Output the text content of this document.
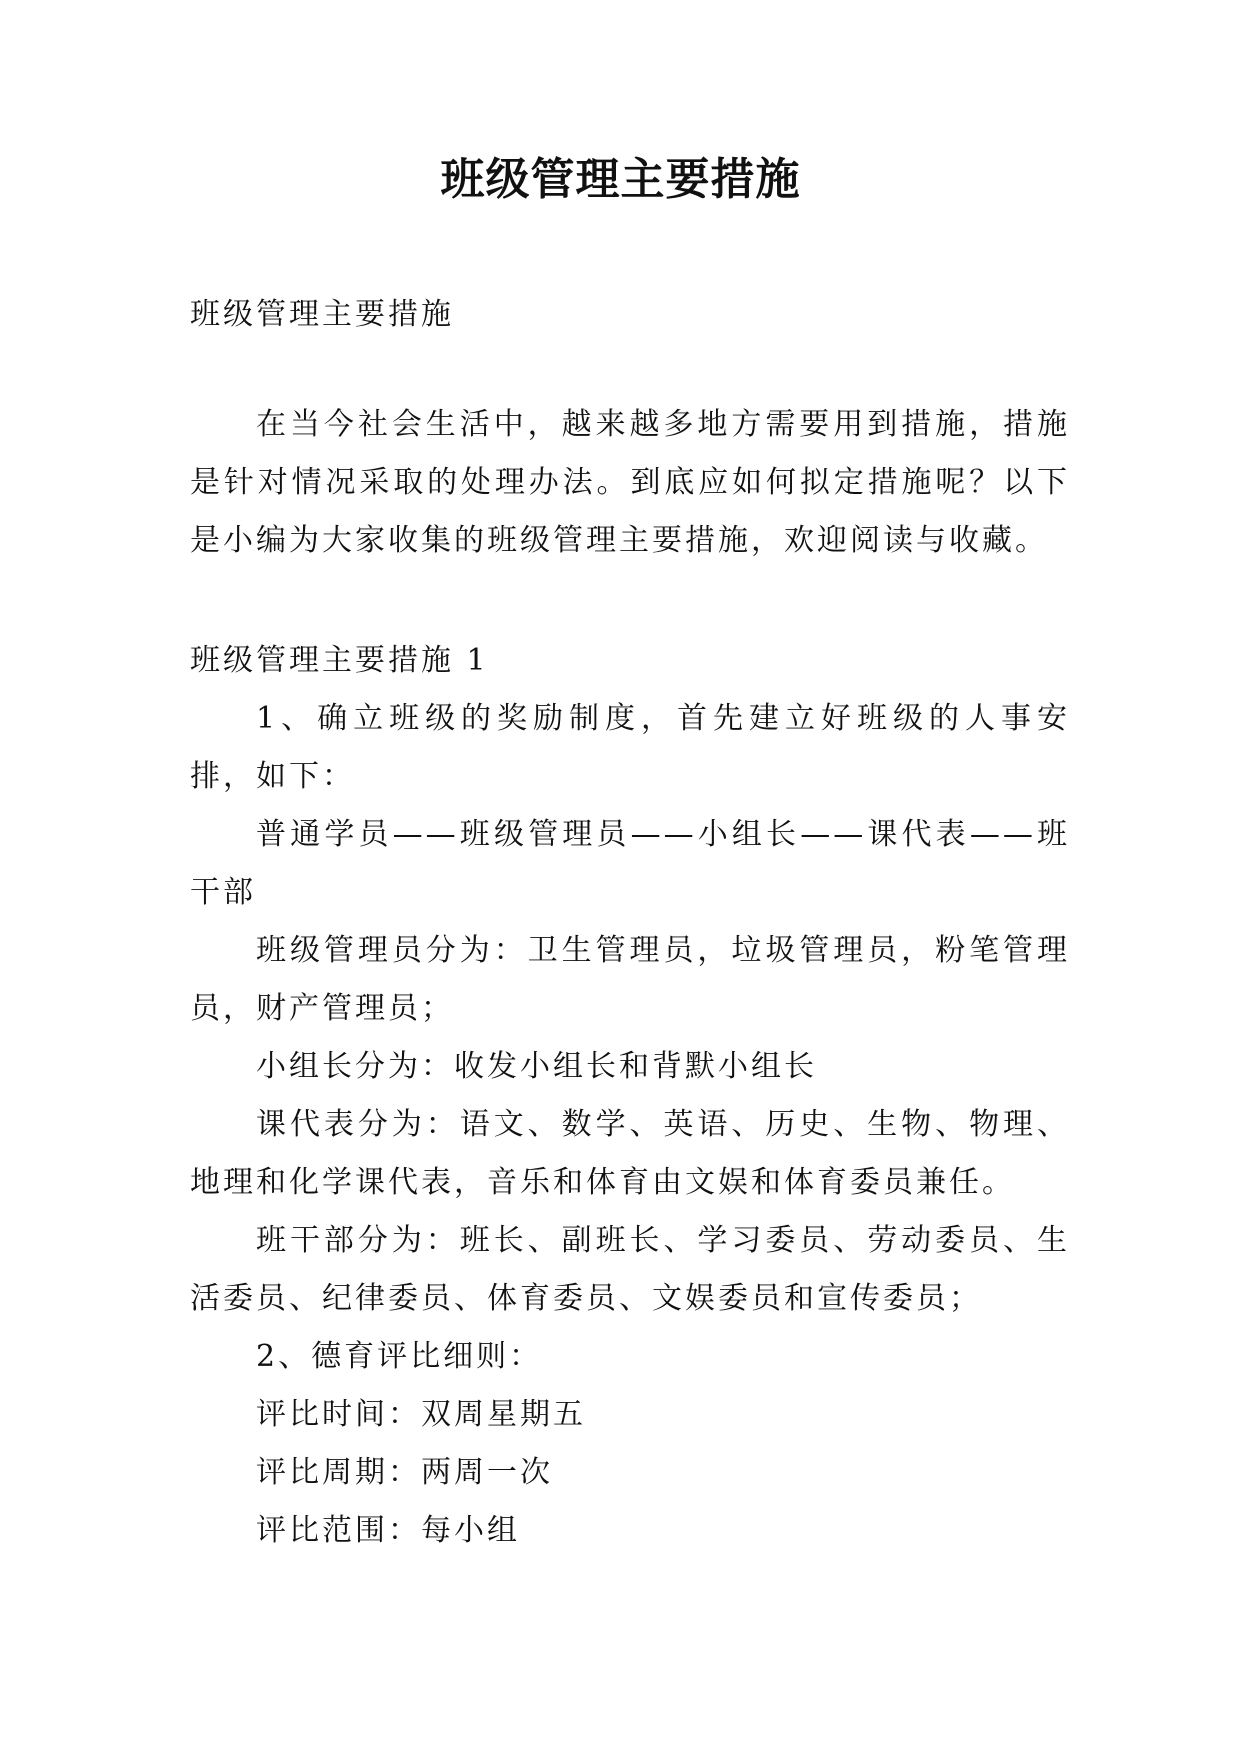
班级管理主要措施

班级管理主要措施

在当今社会生活中，越来越多地方需要用到措施，措施是针对情况采取的处理办法。到底应如何拟定措施呢？以下是小编为大家收集的班级管理主要措施，欢迎阅读与收藏。

班级管理主要措施 1

1、确立班级的奖励制度，首先建立好班级的人事安排，如下：

普通学员——班级管理员——小组长——课代表——班干部

班级管理员分为：卫生管理员，垃圾管理员，粉笔管理员，财产管理员；

小组长分为：收发小组长和背默小组长

课代表分为：语文、数学、英语、历史、生物、物理、地理和化学课代表，音乐和体育由文娱和体育委员兼任。

班干部分为：班长、副班长、学习委员、劳动委员、生活委员、纪律委员、体育委员、文娱委员和宣传委员；

2、德育评比细则：

评比时间：双周星期五

评比周期：两周一次

评比范围：每小组
